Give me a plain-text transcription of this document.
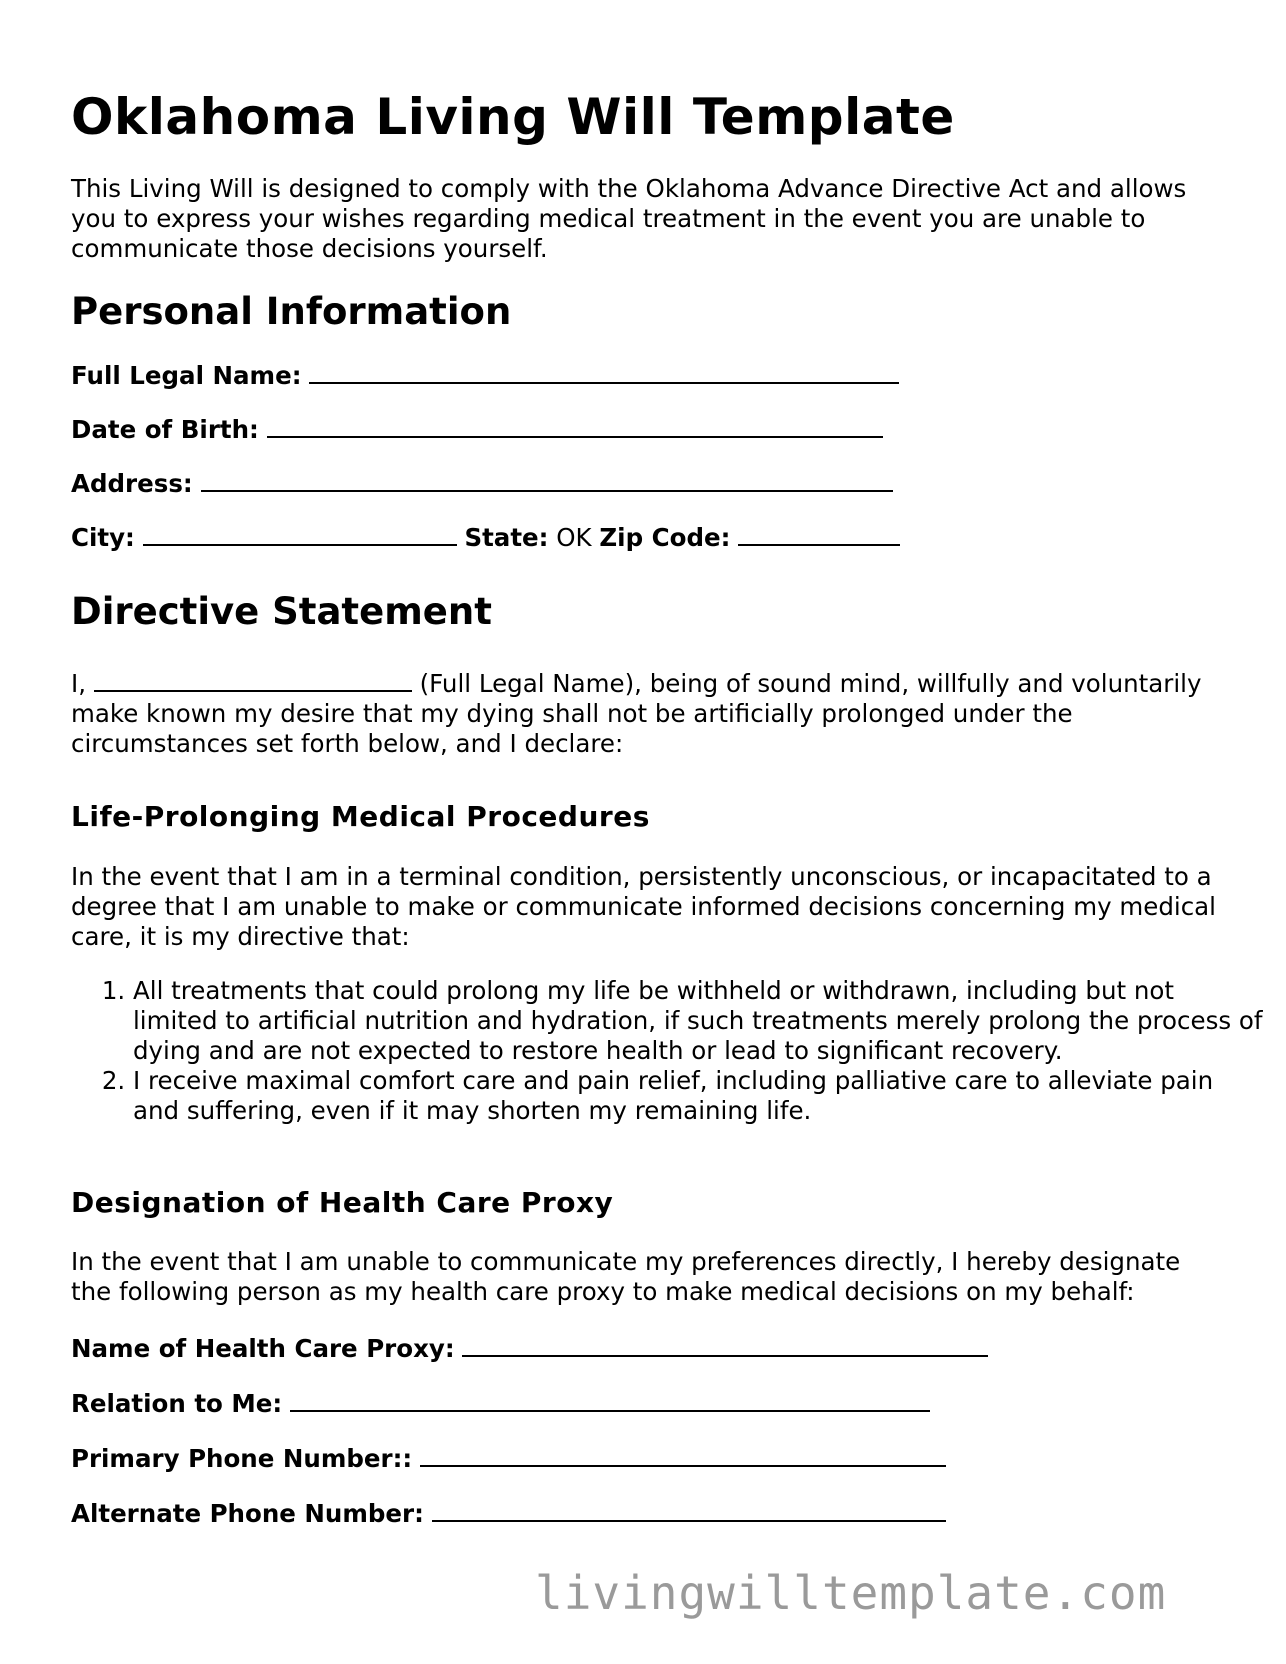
Oklahoma Living Will Template

This Living Will is designed to comply with the Oklahoma Advance Directive Act and allows you to express your wishes regarding medical treatment in the event you are unable to communicate those decisions yourself.

Personal Information

Full Legal Name:

Date of Birth:

Address:

City:	State: OK Zip Code:

Directive Statement

I,	(Full Legal Name), being of sound mind, willfully and voluntarily make known my desire that my dying shall not be artificially prolonged under the circumstances set forth below, and I declare:

Life-Prolonging Medical Procedures

In the event that I am in a terminal condition, persistently unconscious, or incapacitated to a degree that I am unable to make or communicate informed decisions concerning my medical care, it is my directive that:

1. All treatments that could prolong my life be withheld or withdrawn, including but not limited to artificial nutrition and hydration, if such treatments merely prolong the process of dying and are not expected to restore health or lead to significant recovery.
2. I receive maximal comfort care and pain relief, including palliative care to alleviate pain and suffering, even if it may shorten my remaining life.
Designation of Health Care Proxy

In the event that I am unable to communicate my preferences directly, I hereby designate the following person as my health care proxy to make medical decisions on my behalf:

Name of Health Care Proxy:

Relation to Me:

Primary Phone Number::

Alternate Phone Number:

livingwilltemplate.com
